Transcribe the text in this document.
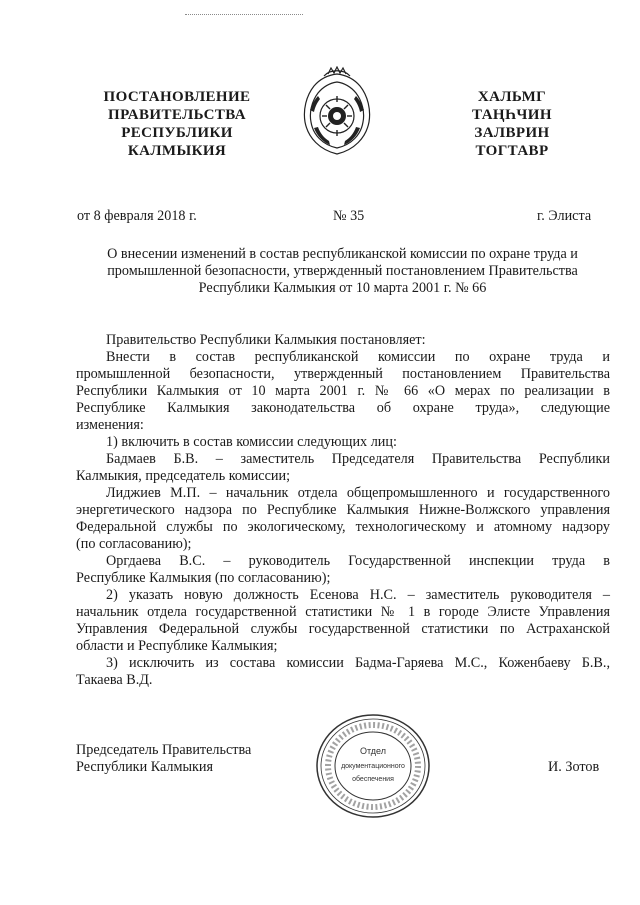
ПОСТАНОВЛЕНИЕ
ПРАВИТЕЛЬСТВА
РЕСПУБЛИКИ
КАЛМЫКИЯ
ХАЛЬМГ
ТАҢҺЧИН
ЗАЛВРИН
ТОГТАВР
от 8 февраля 2018 г.	№ 35	г. Элиста
О внесении изменений в состав республиканской комиссии по охране труда и
промышленной безопасности, утвержденный постановлением Правительства
Республики Калмыкия от 10 марта 2001 г. № 66
Правительство Республики Калмыкия постановляет:
Внести в состав республиканской комиссии по охране труда и
промышленной безопасности, утвержденный постановлением Правительства
Республики Калмыкия от 10 марта 2001 г. № 66 «О мерах по реализации в
Республике Калмыкия законодательства об охране труда», следующие
изменения:
1) включить в состав комиссии следующих лиц:
Бадмаев Б.В. – заместитель Председателя Правительства Республики
Калмыкия, председатель комиссии;
Лиджиев М.П. – начальник отдела общепромышленного и государственного
энергетического надзора по Республике Калмыкия Нижне-Волжского управления
Федеральной службы по экологическому, технологическому и атомному надзору
(по согласованию);
Оргдаева В.С. – руководитель Государственной инспекции труда в
Республике Калмыкия (по согласованию);
2) указать новую должность Есенова Н.С. – заместитель руководителя –
начальник отдела государственной статистики № 1 в городе Элисте Управления
Управления Федеральной службы государственной статистики по Астраханской
области и Республике Калмыкия;
3) исключить из состава комиссии Бадма-Гаряева М.С., Коженбаеву Б.В.,
Такаева В.Д.
Председатель Правительства
Республики Калмыкия	И. Зотов
Отдел
документационного
обеспечения
